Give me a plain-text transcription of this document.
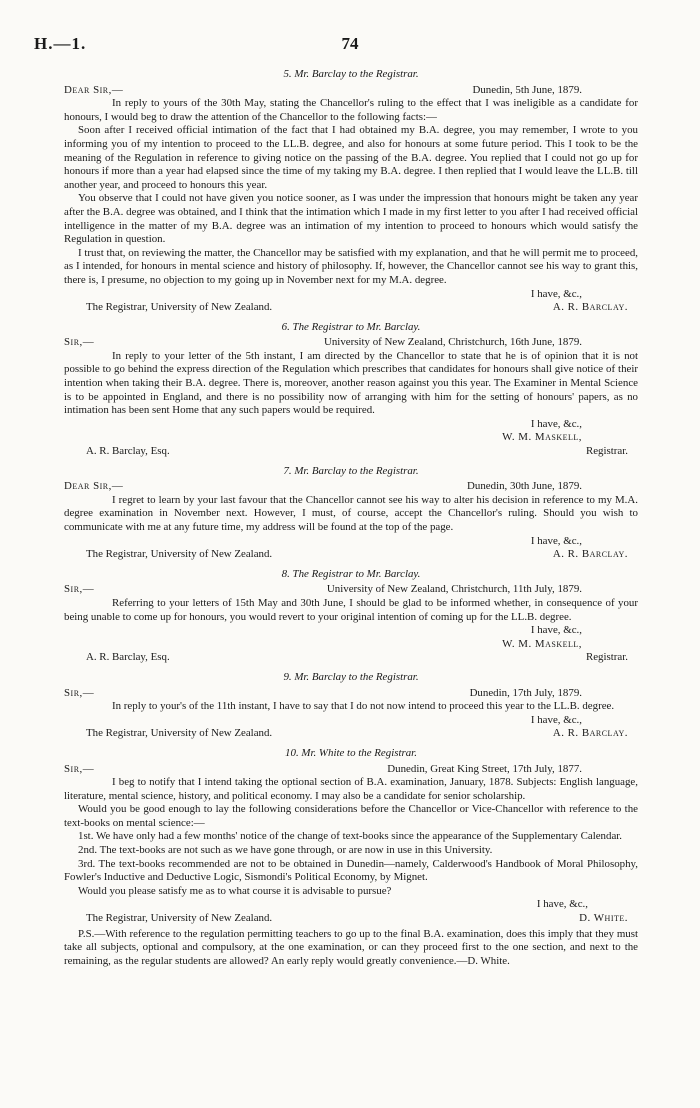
H.—1.	74
5. Mr. Barclay to the Registrar.
Dear Sir,—	Dunedin, 5th June, 1879.

In reply to yours of the 30th May, stating the Chancellor's ruling to the effect that I was ineligible as a candidate for honours, I would beg to draw the attention of the Chancellor to the following facts:—

Soon after I received official intimation of the fact that I had obtained my B.A. degree, you may remember, I wrote to you informing you of my intention to proceed to the LL.B. degree, and also for honours at some future period. This I took to be the meaning of the Regulation in reference to giving notice on the passing of the B.A. degree. You replied that I could not go up for honours if more than a year had elapsed since the time of my taking my B.A. degree. I then replied that I would leave the LL.B. till another year, and proceed to honours this year.

You observe that I could not have given you notice sooner, as I was under the impression that honours might be taken any year after the B.A. degree was obtained, and I think that the intimation which I made in my first letter to you after I had received official intelligence in the matter of my B.A. degree was an intimation of my intention to proceed to honours which would satisfy the Regulation in question.

I trust that, on reviewing the matter, the Chancellor may be satisfied with my explanation, and that he will permit me to proceed, as I intended, for honours in mental science and history of philosophy. If, however, the Chancellor cannot see his way to grant this, there is, I presume, no objection to my going up in November next for my M.A. degree.

I have, &c.,
The Registrar, University of New Zealand.	A. R. Barclay.
6. The Registrar to Mr. Barclay.
Sir,—	University of New Zealand, Christchurch, 16th June, 1879.

In reply to your letter of the 5th instant, I am directed by the Chancellor to state that he is of opinion that it is not possible to go behind the express direction of the Regulation which prescribes that candidates for honours shall give notice of their intention when taking their B.A. degree. There is, moreover, another reason against you this year. The Examiner in Mental Science is to be appointed in England, and there is no possibility now of arranging with him for the setting of honours' papers, as no intimation has been sent Home that any such papers would be required.

I have, &c.,
W. M. Maskell,
A. R. Barclay, Esq.	Registrar.
7. Mr. Barclay to the Registrar.
Dear Sir,—	Dunedin, 30th June, 1879.

I regret to learn by your last favour that the Chancellor cannot see his way to alter his decision in reference to my M.A. degree examination in November next. However, I must, of course, accept the Chancellor's ruling. Should you wish to communicate with me at any future time, my address will be found at the top of the page.

I have, &c.,
The Registrar, University of New Zealand.	A. R. Barclay.
8. The Registrar to Mr. Barclay.
Sir,—	University of New Zealand, Christchurch, 11th July, 1879.

Referring to your letters of 15th May and 30th June, I should be glad to be informed whether, in consequence of your being unable to come up for honours, you would revert to your original intention of coming up for the LL.B. degree.

I have, &c.,
W. M. Maskell,
A. R. Barclay, Esq.	Registrar.
9. Mr. Barclay to the Registrar.
Sir,—	Dunedin, 17th July, 1879.

In reply to your's of the 11th instant, I have to say that I do not now intend to proceed this year to the LL.B. degree.

I have, &c.,
The Registrar, University of New Zealand.	A. R. Barclay.
10. Mr. White to the Registrar.
Sir,—	Dunedin, Great King Street, 17th July, 1877.

I beg to notify that I intend taking the optional section of B.A. examination, January, 1878. Subjects: English language, literature, mental science, history, and political economy. I may also be a candidate for senior scholarship.

Would you be good enough to lay the following considerations before the Chancellor or Vice-Chancellor with reference to the text-books on mental science:—

1st. We have only had a few months' notice of the change of text-books since the appearance of the Supplementary Calendar.

2nd. The text-books are not such as we have gone through, or are now in use in this University.

3rd. The text-books recommended are not to be obtained in Dunedin—namely, Calderwood's Handbook of Moral Philosophy, Fowler's Inductive and Deductive Logic, Sismondi's Political Economy, by Mignet.

Would you please satisfy me as to what course it is advisable to pursue?

I have, &c.,
The Registrar, University of New Zealand.	D. White.

P.S.—With reference to the regulation permitting teachers to go up to the final B.A. examination, does this imply that they must take all subjects, optional and compulsory, at the one examination, or can they proceed first to the one section, and next to the remaining, as the regular students are allowed? An early reply would greatly convenience.—D. White.
